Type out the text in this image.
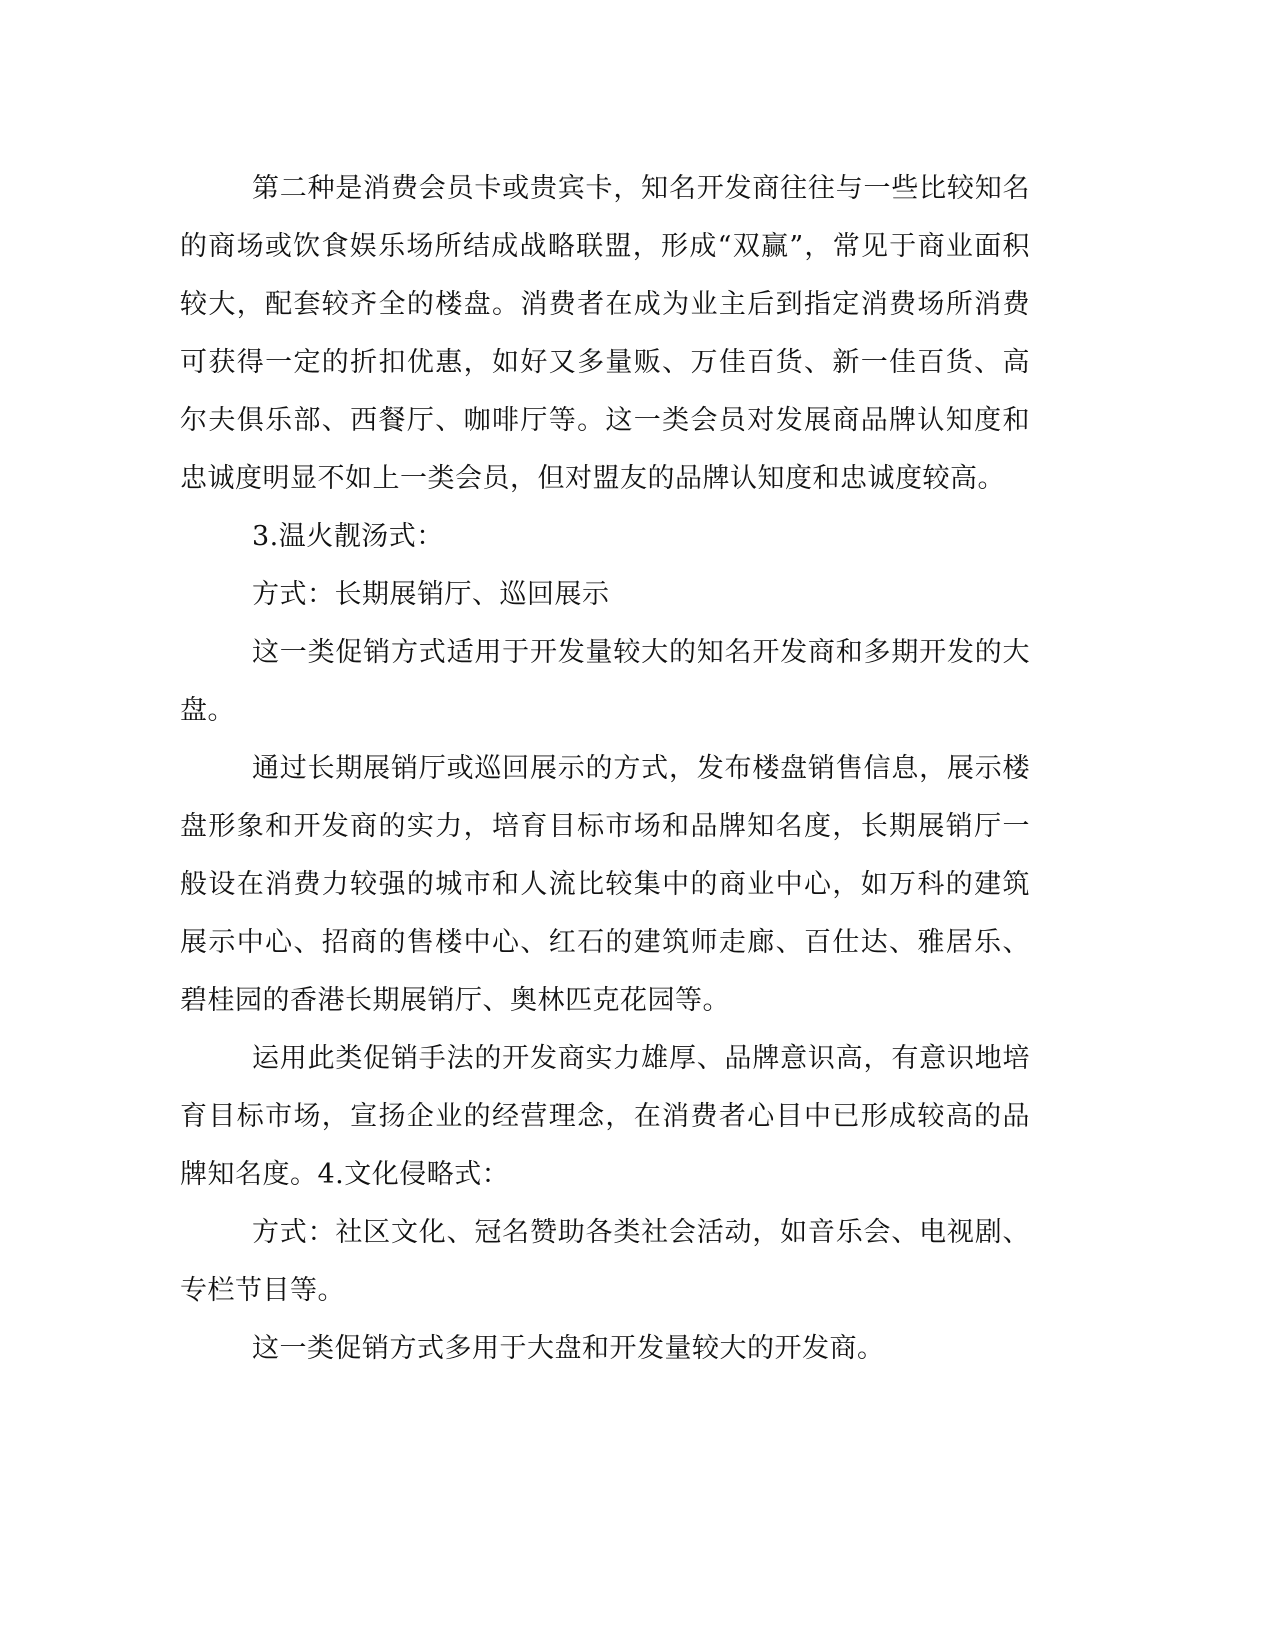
第二种是消费会员卡或贵宾卡，知名开发商往往与一些比较知名的商场或饮食娱乐场所结成战略联盟，形成“双赢”，常见于商业面积较大，配套较齐全的楼盘。消费者在成为业主后到指定消费场所消费可获得一定的折扣优惠，如好又多量贩、万佳百货、新一佳百货、高尔夫俱乐部、西餐厅、咖啡厅等。这一类会员对发展商品牌认知度和忠诚度明显不如上一类会员，但对盟友的品牌认知度和忠诚度较高。

3.温火靓汤式：

方式：长期展销厅、巡回展示

这一类促销方式适用于开发量较大的知名开发商和多期开发的大盘。

通过长期展销厅或巡回展示的方式，发布楼盘销售信息，展示楼盘形象和开发商的实力，培育目标市场和品牌知名度，长期展销厅一般设在消费力较强的城市和人流比较集中的商业中心，如万科的建筑展示中心、招商的售楼中心、红石的建筑师走廊、百仕达、雅居乐、碧桂园的香港长期展销厅、奥林匹克花园等。

运用此类促销手法的开发商实力雄厚、品牌意识高，有意识地培育目标市场，宣扬企业的经营理念，在消费者心目中已形成较高的品牌知名度。4.文化侵略式：

方式：社区文化、冠名赞助各类社会活动，如音乐会、电视剧、专栏节目等。

这一类促销方式多用于大盘和开发量较大的开发商。
